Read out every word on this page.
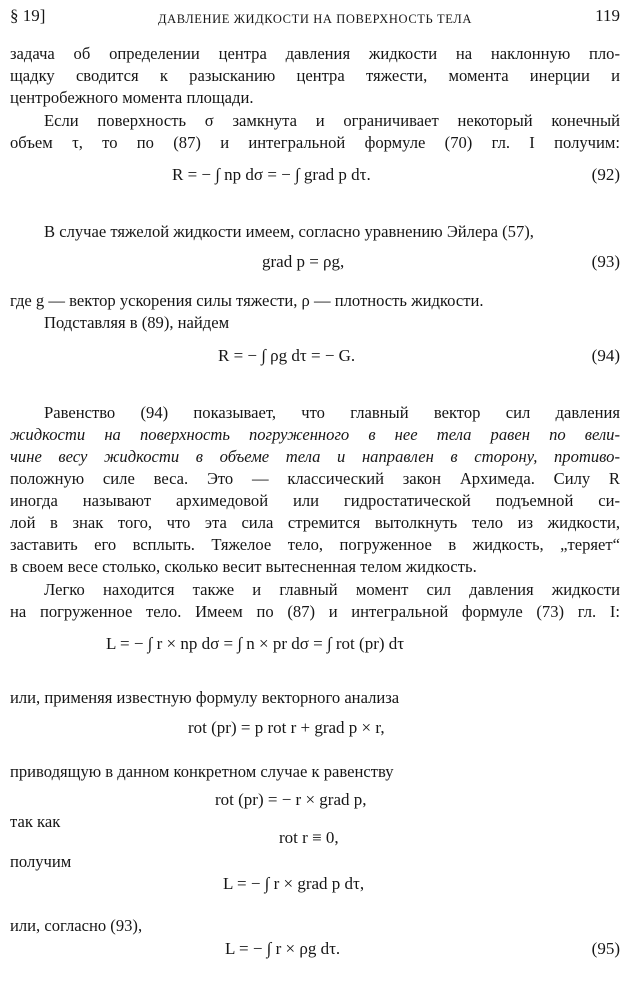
§ 19]	ДАВЛЕНИЕ ЖИДКОСТИ НА ПОВЕРХНОСТЬ ТЕЛА	119
задача об определении центра давления жидкости на наклонную пло-
щадку сводится к разысканию центра тяжести, момента инерции и
центробежного момента площади.
Если поверхность σ замкнута и ограничивает некоторый конечный
объем τ, то по (87) и интегральной формуле (70) гл. I получим:
R = − ∫ np dσ = − ∫ grad p dτ.	(92)
В случае тяжелой жидкости имеем, согласно уравнению Эйлера (57),
grad p = ρg,	(93)
где g — вектор ускорения силы тяжести, ρ — плотность жидкости.
Подставляя в (89), найдем
R = − ∫ ρg dτ = − G.	(94)
Равенство (94) показывает, что главный вектор сил давления
жидкости на поверхность погруженного в нее тела равен по вели-
чине весу жидкости в объеме тела и направлен в сторону, противо-
положную силе веса. Это — классический закон Архимеда. Силу R
иногда называют архимедовой или гидростатической подъемной си-
лой в знак того, что эта сила стремится вытолкнуть тело из жидкости,
заставить его всплыть. Тяжелое тело, погруженное в жидкость, „теряет“
в своем весе столько, сколько весит вытесненная телом жидкость.
Легко находится также и главный момент сил давления жидкости
на погруженное тело. Имеем по (87) и интегральной формуле (73) гл. I:
L = − ∫ r × np dσ = ∫ n × pr dσ = ∫ rot (pr) dτ
или, применяя известную формулу векторного анализа
rot (pr) = p rot r + grad p × r,
приводящую в данном конкретном случае к равенству
rot (pr) = − r × grad p,
так как
rot r ≡ 0,
получим
L = − ∫ r × grad p dτ,
или, согласно (93),
L = − ∫ r × ρg dτ.	(95)
